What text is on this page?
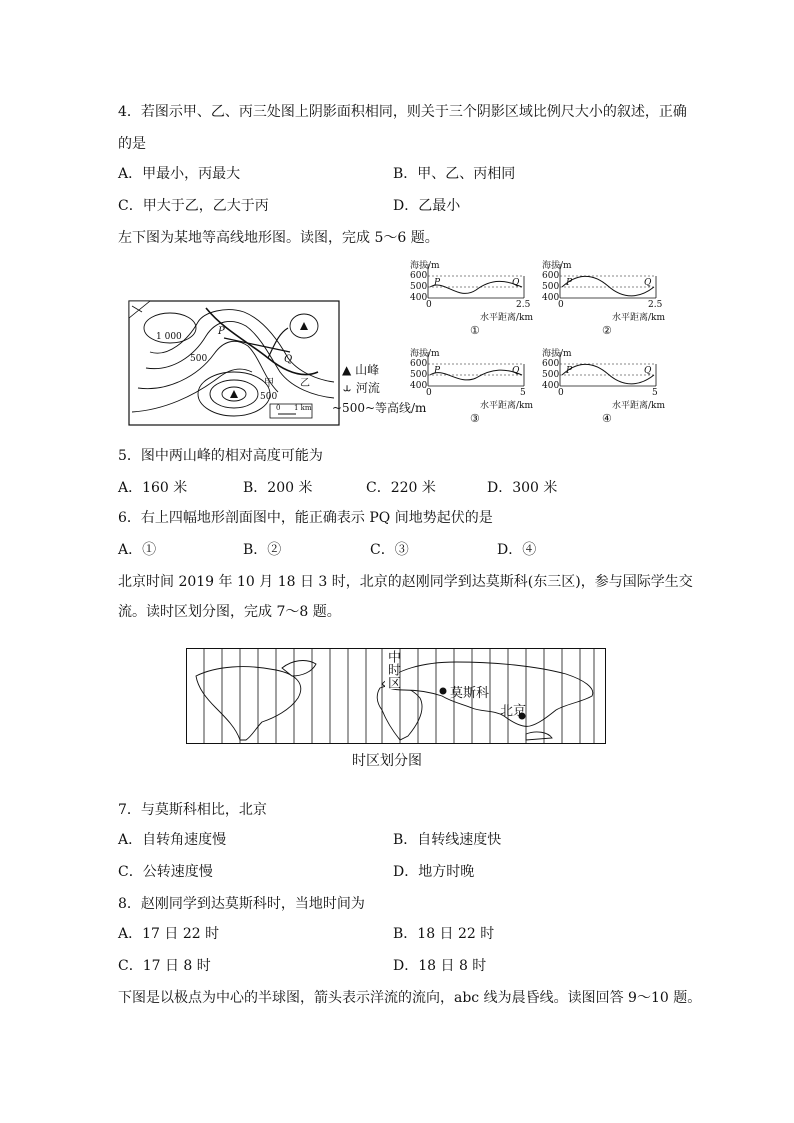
4．若图示甲、乙、丙三处图上阴影面积相同，则关于三个阴影区域比例尺大小的叙述，正确
的是
A．甲最小，丙最大	B．甲、乙、丙相同
C．甲大于乙，乙大于丙	D．乙最小
左下图为某地等高线地形图。读图，完成 5～6 题。
1 000
500
500
P
Q
甲	乙
0 1 km
▲ 山峰
⥿ 河流
~500~等高线/m
海拔/m
600
500
400
P	Q
0	2.5
水平距离/km
①
海拔/m
600
500
400
P	Q
0	2.5
水平距离/km
②
海拔/m
600
500
400
P	Q
0	5
水平距离/km
③
海拔/m
600
500
400
P	Q
0	5
水平距离/km
④
5．图中两山峰的相对高度可能为
A．160 米	B．200 米	C．220 米	D．300 米
6．右上四幅地形剖面图中，能正确表示 PQ 间地势起伏的是
A．①	B．②	C．③	D．④
北京时间 2019 年 10 月 18 日 3 时，北京的赵刚同学到达莫斯科(东三区)，参与国际学生交
流。读时区划分图，完成 7～8 题。
中时区
莫斯科
北京
时区划分图
7．与莫斯科相比，北京
A．自转角速度慢	B．自转线速度快
C．公转速度慢	D．地方时晚
8．赵刚同学到达莫斯科时，当地时间为
A．17 日 22 时	B．18 日 22 时
C．17 日 8 时	D．18 日 8 时
下图是以极点为中心的半球图，箭头表示洋流的流向，abc 线为晨昏线。读图回答 9～10 题。
